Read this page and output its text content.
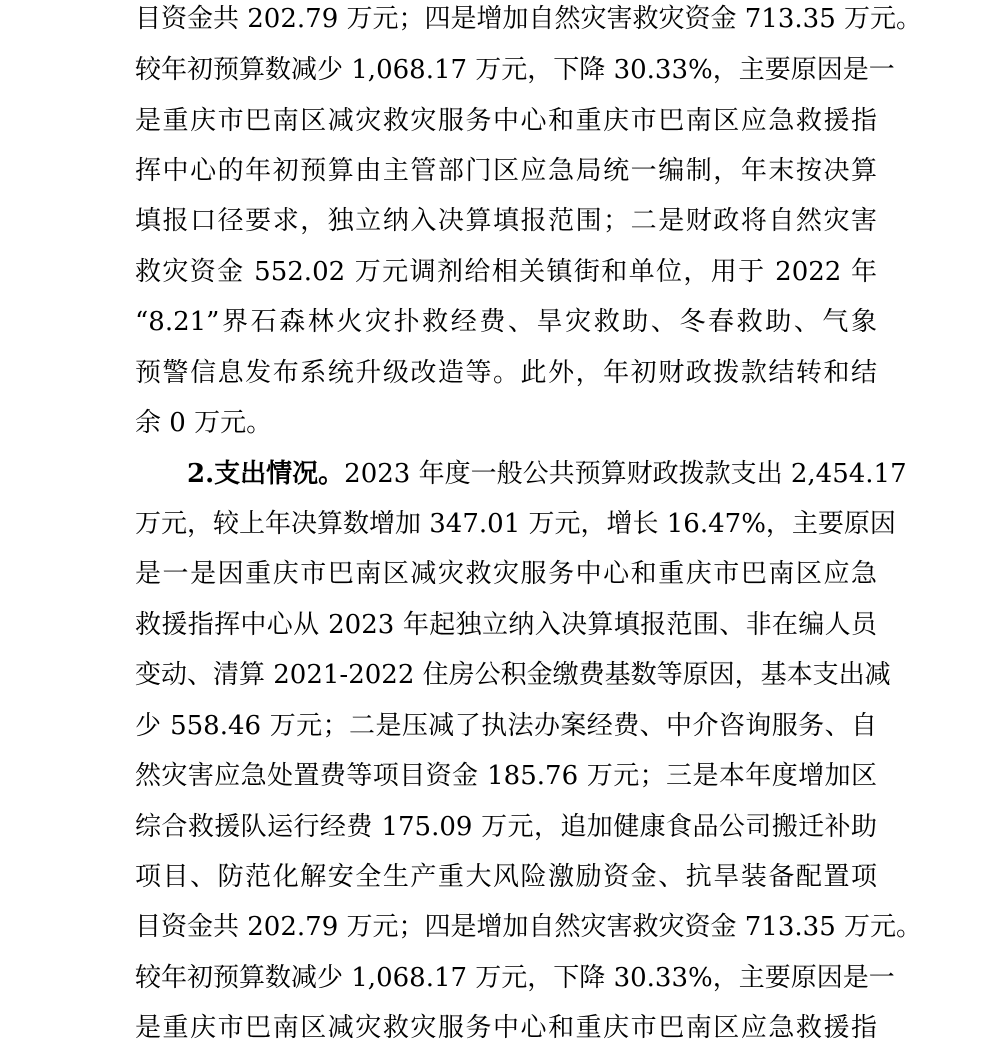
目资金共 202.79 万元；四是增加自然灾害救灾资金 713.35 万元。
较年初预算数减少 1,068.17 万元，下降 30.33%，主要原因是一
是重庆市巴南区减灾救灾服务中心和重庆市巴南区应急救援指
挥中心的年初预算由主管部门区应急局统一编制，年末按决算
填报口径要求，独立纳入决算填报范围；二是财政将自然灾害
救灾资金 552.02 万元调剂给相关镇街和单位，用于 2022 年
“8.21”界石森林火灾扑救经费、旱灾救助、冬春救助、气象
预警信息发布系统升级改造等。此外，年初财政拨款结转和结
余 0 万元。
2.支出情况。2023 年度一般公共预算财政拨款支出 2,454.17
万元，较上年决算数增加 347.01 万元，增长 16.47%，主要原因
是一是因重庆市巴南区减灾救灾服务中心和重庆市巴南区应急
救援指挥中心从 2023 年起独立纳入决算填报范围、非在编人员
变动、清算 2021-2022 住房公积金缴费基数等原因，基本支出减
少 558.46 万元；二是压减了执法办案经费、中介咨询服务、自
然灾害应急处置费等项目资金 185.76 万元；三是本年度增加区
综合救援队运行经费 175.09 万元，追加健康食品公司搬迁补助
项目、防范化解安全生产重大风险激励资金、抗旱装备配置项
目资金共 202.79 万元；四是增加自然灾害救灾资金 713.35 万元。
较年初预算数减少 1,068.17 万元，下降 30.33%，主要原因是一
是重庆市巴南区减灾救灾服务中心和重庆市巴南区应急救援指
